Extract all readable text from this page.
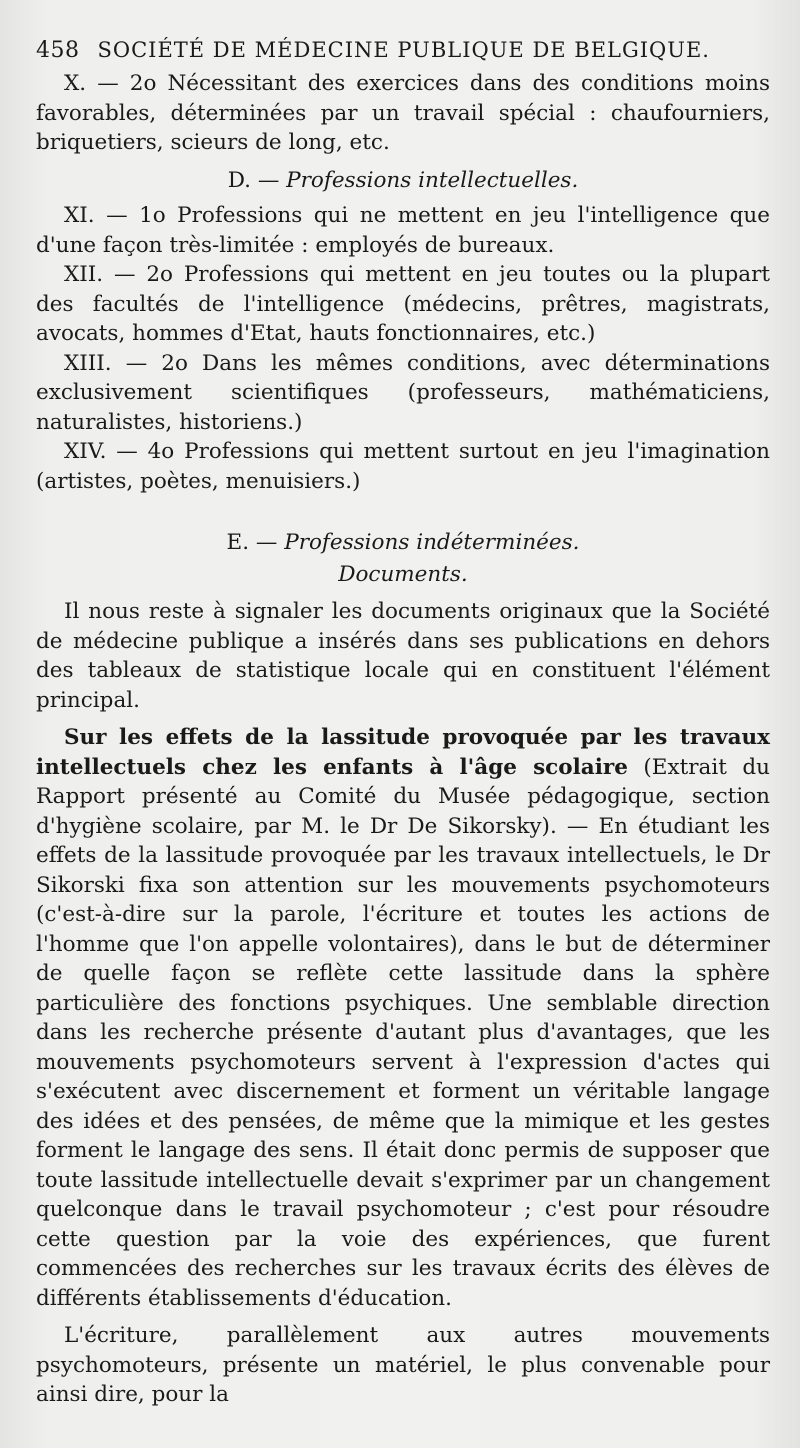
458 SOCIÉTÉ DE MÉDECINE PUBLIQUE DE BELGIQUE.

X. — 2o Nécessitant des exercices dans des conditions moins favorables, déterminées par un travail spécial : chaufourniers, briquetiers, scieurs de long, etc.

D. — Professions intellectuelles.

XI. — 1o Professions qui ne mettent en jeu l'intelligence que d'une façon très-limitée : employés de bureaux.

XII. — 2o Professions qui mettent en jeu toutes ou la plupart des facultés de l'intelligence (médecins, prêtres, magistrats, avocats, hommes d'Etat, hauts fonctionnaires, etc.)

XIII. — 2o Dans les mêmes conditions, avec déterminations exclusivement scientifiques (professeurs, mathématiciens, naturalistes, historiens.)

XIV. — 4o Professions qui mettent surtout en jeu l'imagination (artistes, poètes, menuisiers.)

E. — Professions indéterminées.
Documents.

Il nous reste à signaler les documents originaux que la Société de médecine publique a insérés dans ses publications en dehors des tableaux de statistique locale qui en constituent l'élément principal.

Sur les effets de la lassitude provoquée par les travaux intellectuels chez les enfants à l'âge scolaire (Extrait du Rapport présenté au Comité du Musée pédagogique, section d'hygiène scolaire, par M. le Dr De Sikorsky). — En étudiant les effets de la lassitude provoquée par les travaux intellectuels, le Dr Sikorski fixa son attention sur les mouvements psychomoteurs (c'est-à-dire sur la parole, l'écriture et toutes les actions de l'homme que l'on appelle volontaires), dans le but de déterminer de quelle façon se reflète cette lassitude dans la sphère particulière des fonctions psychiques. Une semblable direction dans les recherche présente d'autant plus d'avantages, que les mouvements psychomoteurs servent à l'expression d'actes qui s'exécutent avec discernement et forment un véritable langage des idées et des pensées, de même que la mimique et les gestes forment le langage des sens. Il était donc permis de supposer que toute lassitude intellectuelle devait s'exprimer par un changement quelconque dans le travail psychomoteur ; c'est pour résoudre cette question par la voie des expériences, que furent commencées des recherches sur les travaux écrits des élèves de différents établissements d'éducation.

L'écriture, parallèlement aux autres mouvements psychomoteurs, présente un matériel, le plus convenable pour ainsi dire, pour la
